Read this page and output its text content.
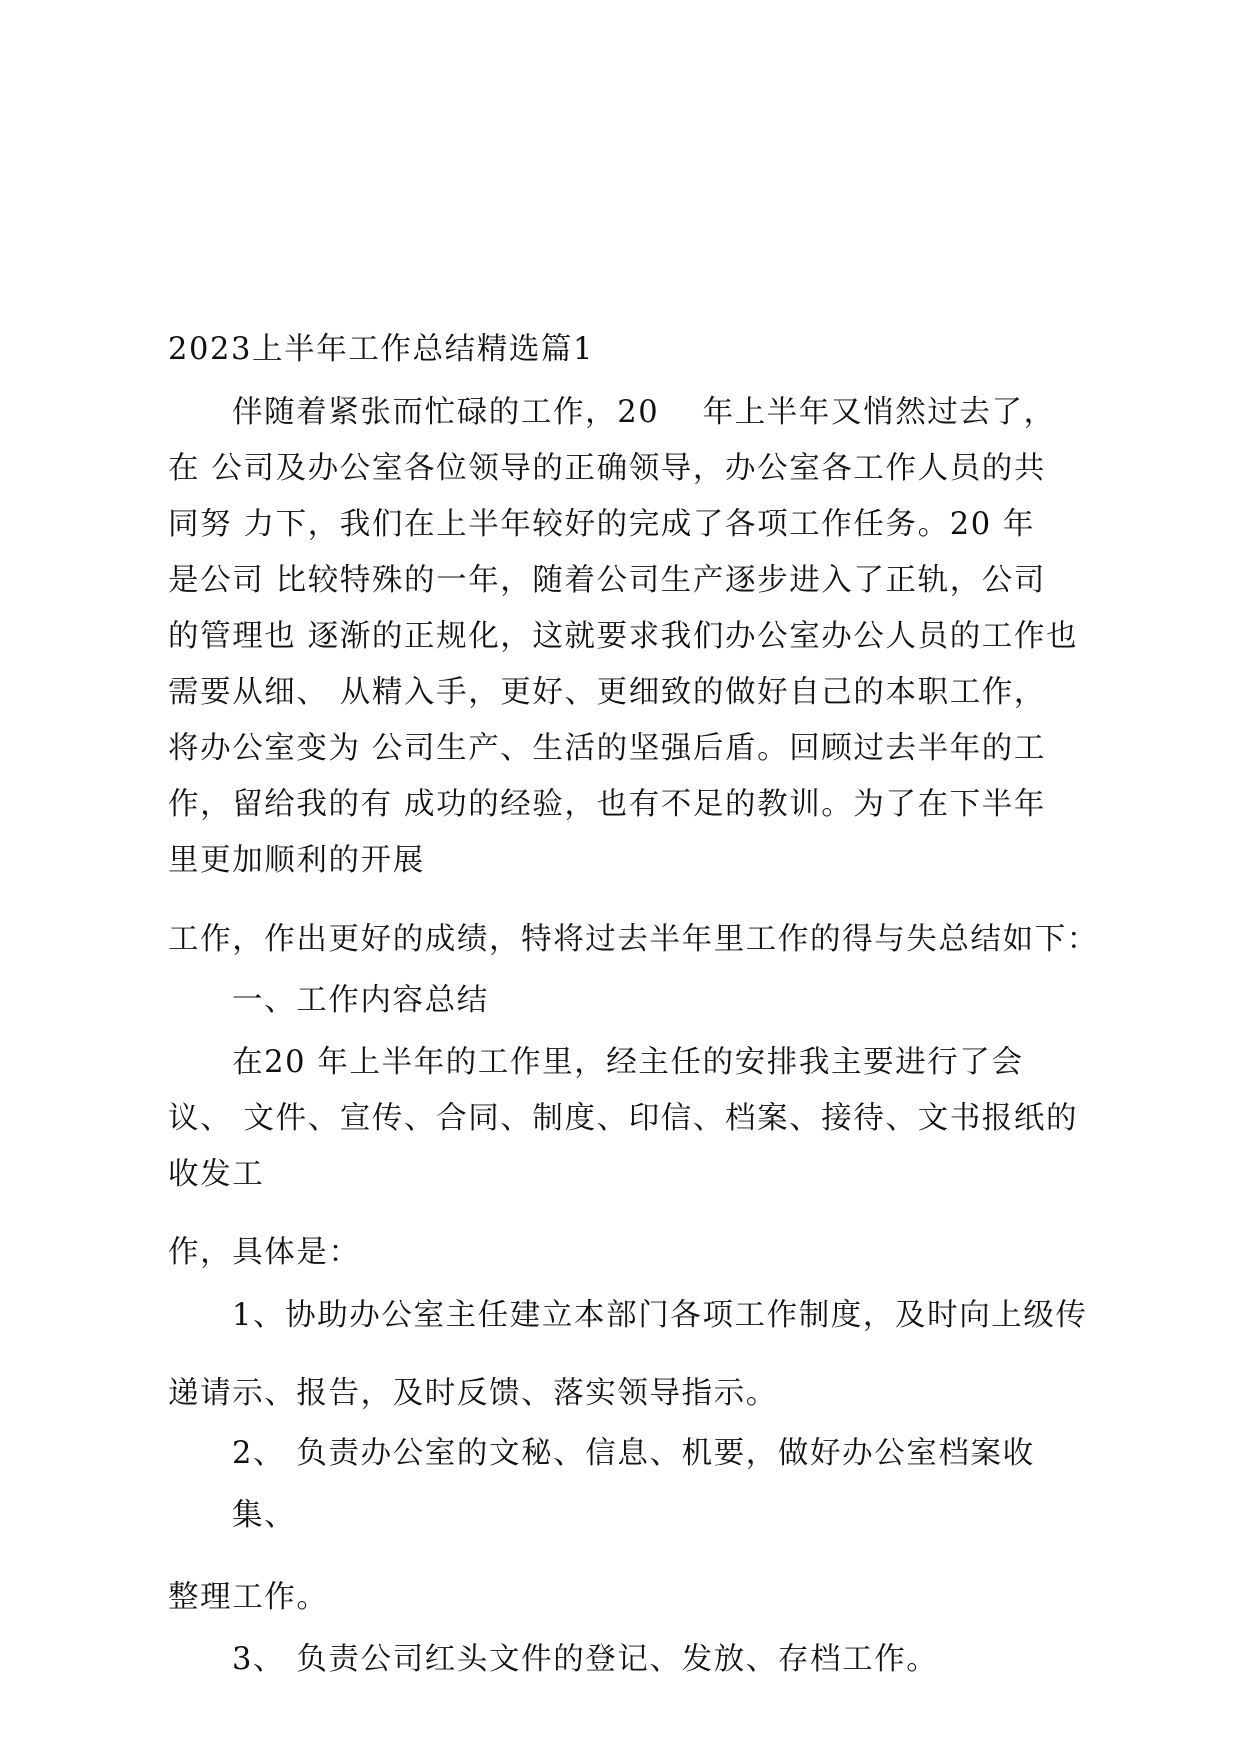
2023上半年工作总结精选篇1
伴随着紧张而忙碌的工作，20　 年上半年又悄然过去了，
在 公司及办公室各位领导的正确领导，办公室各工作人员的共
同努 力下，我们在上半年较好的完成了各项工作任务。20 年
是公司 比较特殊的一年，随着公司生产逐步进入了正轨，公司
的管理也 逐渐的正规化，这就要求我们办公室办公人员的工作也
需要从细、 从精入手，更好、更细致的做好自己的本职工作，
将办公室变为 公司生产、生活的坚强后盾。回顾过去半年的工
作，留给我的有 成功的经验，也有不足的教训。为了在下半年
里更加顺利的开展
工作，作出更好的成绩，特将过去半年里工作的得与失总结如下：
一、工作内容总结
在20 年上半年的工作里，经主任的安排我主要进行了会
议、 文件、宣传、合同、制度、印信、档案、接待、文书报纸的
收发工
作，具体是：
1、协助办公室主任建立本部门各项工作制度，及时向上级传
递请示、报告，及时反馈、落实领导指示。
2、 负责办公室的文秘、信息、机要，做好办公室档案收
集、
整理工作。
3、 负责公司红头文件的登记、发放、存档工作。
